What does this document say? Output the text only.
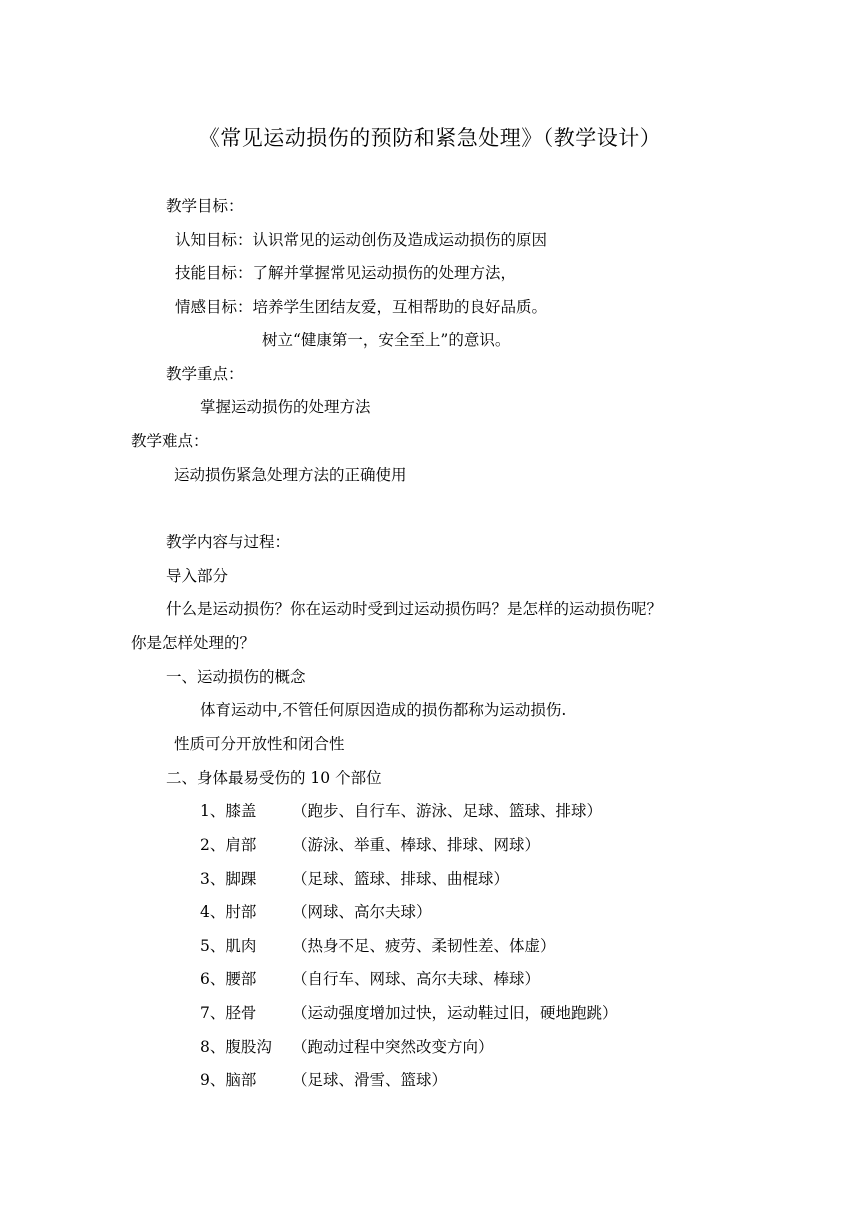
《常见运动损伤的预防和紧急处理》（教学设计）
教学目标：
认知目标：认识常见的运动创伤及造成运动损伤的原因
技能目标：了解并掌握常见运动损伤的处理方法，
情感目标：培养学生团结友爱，互相帮助的良好品质。
树立“健康第一，安全至上”的意识。
教学重点：
掌握运动损伤的处理方法
教学难点：
运动损伤紧急处理方法的正确使用
教学内容与过程：
导入部分
什么是运动损伤？你在运动时受到过运动损伤吗？是怎样的运动损伤呢？
你是怎样处理的？
一、运动损伤的概念
体育运动中,不管任何原因造成的损伤都称为运动损伤.
性质可分开放性和闭合性
二、身体最易受伤的 10 个部位
1、膝盖 （跑步、自行车、游泳、足球、篮球、排球）
2、肩部 （游泳、举重、棒球、排球、网球）
3、脚踝 （足球、篮球、排球、曲棍球）
4、肘部 （网球、高尔夫球）
5、肌肉 （热身不足、疲劳、柔韧性差、体虚）
6、腰部 （自行车、网球、高尔夫球、棒球）
7、胫骨 （运动强度增加过快，运动鞋过旧，硬地跑跳）
8、腹股沟 （跑动过程中突然改变方向）
9、脑部 （足球、滑雪、篮球）
